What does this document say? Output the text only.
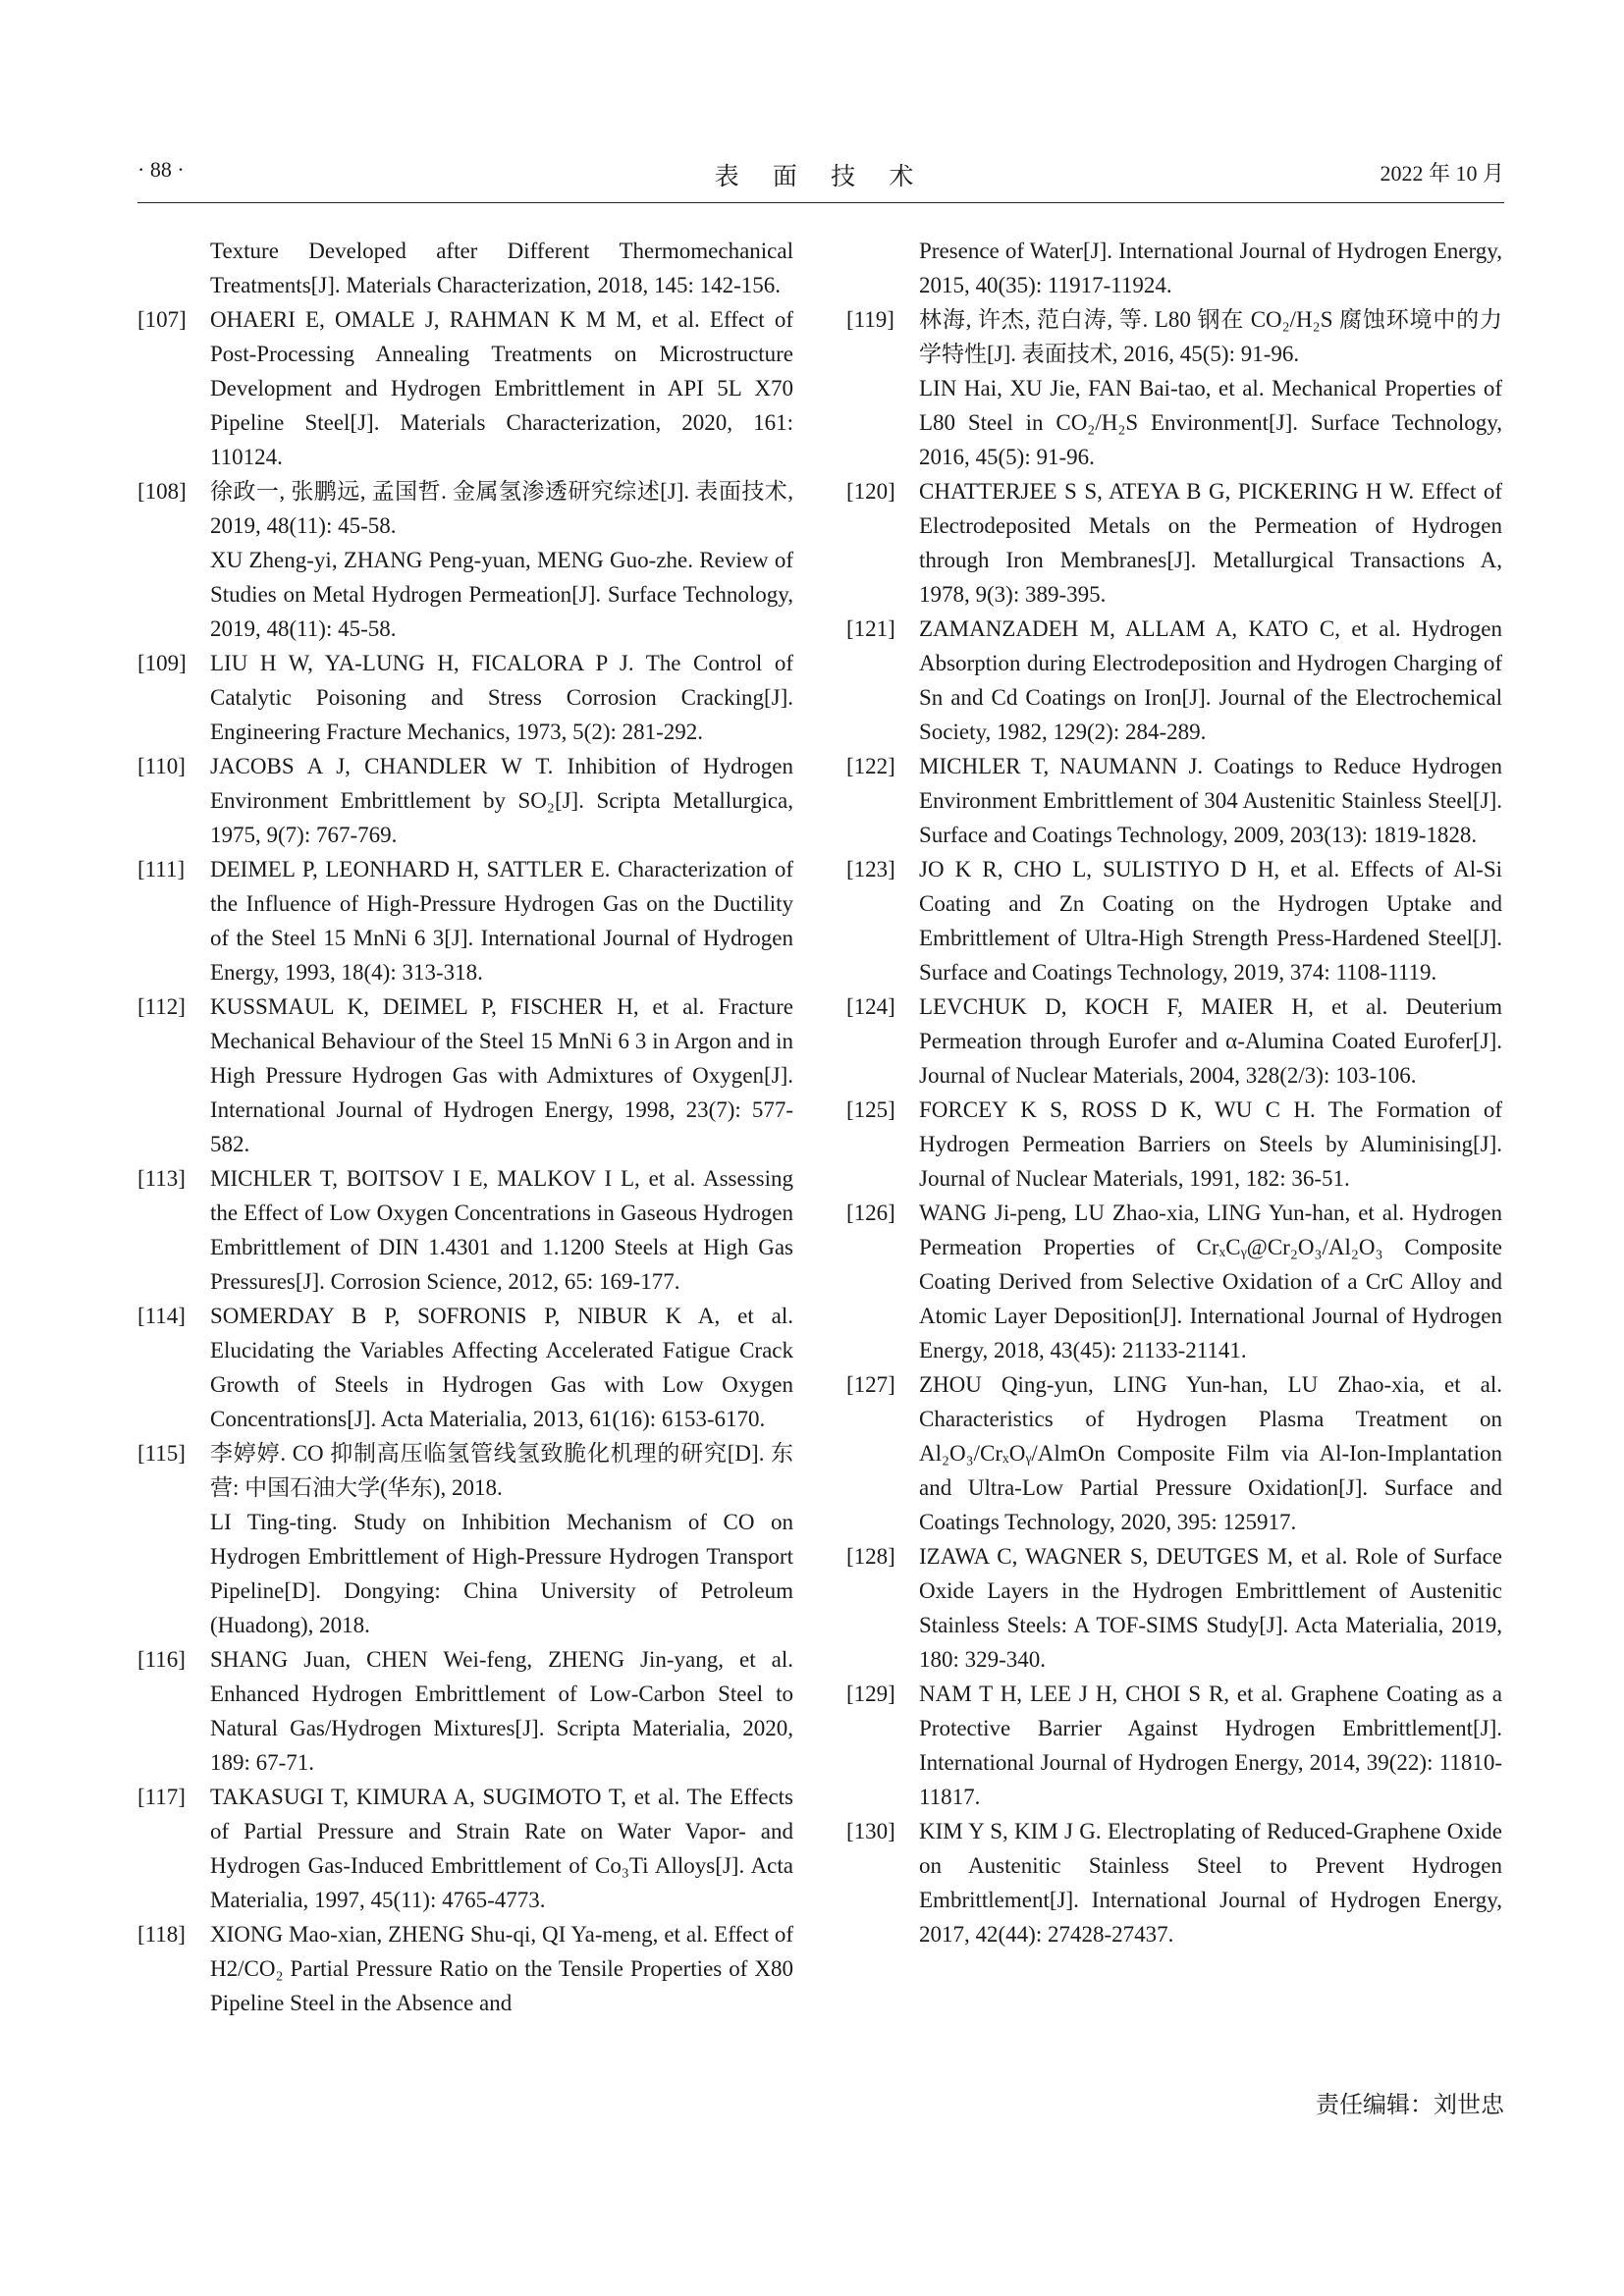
· 88 ·	表 面 技 术	2022 年 10 月
Texture Developed after Different Thermomechanical Treatments[J]. Materials Characterization, 2018, 145: 142-156.
[107] OHAERI E, OMALE J, RAHMAN K M M, et al. Effect of Post-Processing Annealing Treatments on Microstructure Development and Hydrogen Embrittlement in API 5L X70 Pipeline Steel[J]. Materials Characterization, 2020, 161: 110124.
[108] 徐政一, 张鹏远, 孟国哲. 金属氢渗透研究综述[J]. 表面技术, 2019, 48(11): 45-58.
XU Zheng-yi, ZHANG Peng-yuan, MENG Guo-zhe. Review of Studies on Metal Hydrogen Permeation[J]. Surface Technology, 2019, 48(11): 45-58.
[109] LIU H W, YA-LUNG H, FICALORA P J. The Control of Catalytic Poisoning and Stress Corrosion Cracking[J]. Engineering Fracture Mechanics, 1973, 5(2): 281-292.
[110] JACOBS A J, CHANDLER W T. Inhibition of Hydrogen Environment Embrittlement by SO₂[J]. Scripta Metallurgica, 1975, 9(7): 767-769.
[111] DEIMEL P, LEONHARD H, SATTLER E. Characterization of the Influence of High-Pressure Hydrogen Gas on the Ductility of the Steel 15 MnNi 6 3[J]. International Journal of Hydrogen Energy, 1993, 18(4): 313-318.
[112] KUSSMAUL K, DEIMEL P, FISCHER H, et al. Fracture Mechanical Behaviour of the Steel 15 MnNi 6 3 in Argon and in High Pressure Hydrogen Gas with Admixtures of Oxygen[J]. International Journal of Hydrogen Energy, 1998, 23(7): 577-582.
[113] MICHLER T, BOITSOV I E, MALKOV I L, et al. Assessing the Effect of Low Oxygen Concentrations in Gaseous Hydrogen Embrittlement of DIN 1.4301 and 1.1200 Steels at High Gas Pressures[J]. Corrosion Science, 2012, 65: 169-177.
[114] SOMERDAY B P, SOFRONIS P, NIBUR K A, et al. Elucidating the Variables Affecting Accelerated Fatigue Crack Growth of Steels in Hydrogen Gas with Low Oxygen Concentrations[J]. Acta Materialia, 2013, 61(16): 6153-6170.
[115] 李婷婷. CO 抑制高压临氢管线氢致脆化机理的研究[D]. 东营: 中国石油大学(华东), 2018.
LI Ting-ting. Study on Inhibition Mechanism of CO on Hydrogen Embrittlement of High-Pressure Hydrogen Transport Pipeline[D]. Dongying: China University of Petroleum (Huadong), 2018.
[116] SHANG Juan, CHEN Wei-feng, ZHENG Jin-yang, et al. Enhanced Hydrogen Embrittlement of Low-Carbon Steel to Natural Gas/Hydrogen Mixtures[J]. Scripta Materialia, 2020, 189: 67-71.
[117] TAKASUGI T, KIMURA A, SUGIMOTO T, et al. The Effects of Partial Pressure and Strain Rate on Water Vapor- and Hydrogen Gas-Induced Embrittlement of Co₃Ti Alloys[J]. Acta Materialia, 1997, 45(11): 4765-4773.
[118] XIONG Mao-xian, ZHENG Shu-qi, QI Ya-meng, et al. Effect of H2/CO₂ Partial Pressure Ratio on the Tensile Properties of X80 Pipeline Steel in the Absence and
Presence of Water[J]. International Journal of Hydrogen Energy, 2015, 40(35): 11917-11924.
[119] 林海, 许杰, 范白涛, 等. L80 钢在 CO₂/H₂S 腐蚀环境中的力学特性[J]. 表面技术, 2016, 45(5): 91-96.
LIN Hai, XU Jie, FAN Bai-tao, et al. Mechanical Properties of L80 Steel in CO₂/H₂S Environment[J]. Surface Technology, 2016, 45(5): 91-96.
[120] CHATTERJEE S S, ATEYA B G, PICKERING H W. Effect of Electrodeposited Metals on the Permeation of Hydrogen through Iron Membranes[J]. Metallurgical Transactions A, 1978, 9(3): 389-395.
[121] ZAMANZADEH M, ALLAM A, KATO C, et al. Hydrogen Absorption during Electrodeposition and Hydrogen Charging of Sn and Cd Coatings on Iron[J]. Journal of the Electrochemical Society, 1982, 129(2): 284-289.
[122] MICHLER T, NAUMANN J. Coatings to Reduce Hydrogen Environment Embrittlement of 304 Austenitic Stainless Steel[J]. Surface and Coatings Technology, 2009, 203(13): 1819-1828.
[123] JO K R, CHO L, SULISTIYO D H, et al. Effects of Al-Si Coating and Zn Coating on the Hydrogen Uptake and Embrittlement of Ultra-High Strength Press-Hardened Steel[J]. Surface and Coatings Technology, 2019, 374: 1108-1119.
[124] LEVCHUK D, KOCH F, MAIER H, et al. Deuterium Permeation through Eurofer and α-Alumina Coated Eurofer[J]. Journal of Nuclear Materials, 2004, 328(2/3): 103-106.
[125] FORCEY K S, ROSS D K, WU C H. The Formation of Hydrogen Permeation Barriers on Steels by Aluminising[J]. Journal of Nuclear Materials, 1991, 182: 36-51.
[126] WANG Ji-peng, LU Zhao-xia, LING Yun-han, et al. Hydrogen Permeation Properties of CrₓCᵧ@Cr₂O₃/Al₂O₃ Composite Coating Derived from Selective Oxidation of a CrC Alloy and Atomic Layer Deposition[J]. International Journal of Hydrogen Energy, 2018, 43(45): 21133-21141.
[127] ZHOU Qing-yun, LING Yun-han, LU Zhao-xia, et al. Characteristics of Hydrogen Plasma Treatment on Al₂O₃/CrₓOᵧ/AlmOn Composite Film via Al-Ion-Implantation and Ultra-Low Partial Pressure Oxidation[J]. Surface and Coatings Technology, 2020, 395: 125917.
[128] IZAWA C, WAGNER S, DEUTGES M, et al. Role of Surface Oxide Layers in the Hydrogen Embrittlement of Austenitic Stainless Steels: A TOF-SIMS Study[J]. Acta Materialia, 2019, 180: 329-340.
[129] NAM T H, LEE J H, CHOI S R, et al. Graphene Coating as a Protective Barrier Against Hydrogen Embrittlement[J]. International Journal of Hydrogen Energy, 2014, 39(22): 11810-11817.
[130] KIM Y S, KIM J G. Electroplating of Reduced-Graphene Oxide on Austenitic Stainless Steel to Prevent Hydrogen Embrittlement[J]. International Journal of Hydrogen Energy, 2017, 42(44): 27428-27437.
责任编辑：刘世忠
